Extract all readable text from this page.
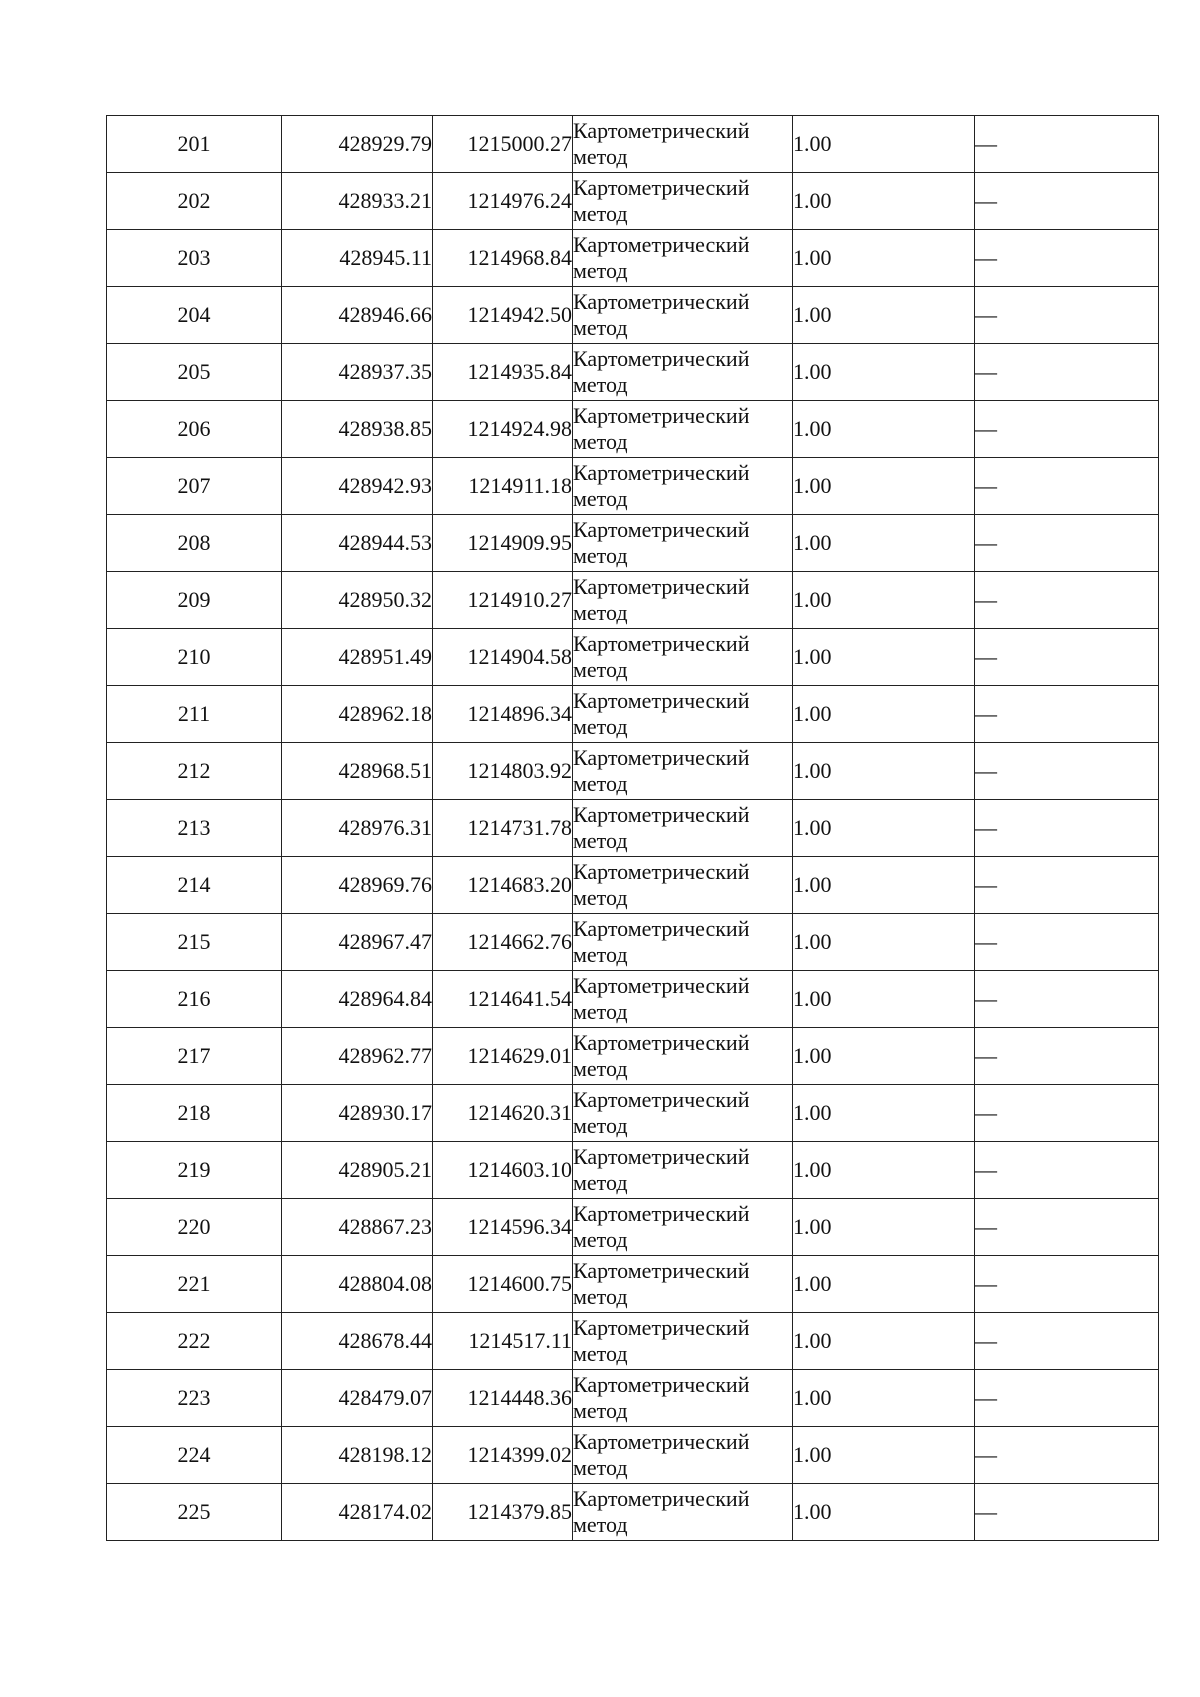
201	428929.79	1215000.27	Картометрический
метод	1.00	—
202	428933.21	1214976.24	Картометрический
метод	1.00	—
203	428945.11	1214968.84	Картометрический
метод	1.00	—
204	428946.66	1214942.50	Картометрический
метод	1.00	—
205	428937.35	1214935.84	Картометрический
метод	1.00	—
206	428938.85	1214924.98	Картометрический
метод	1.00	—
207	428942.93	1214911.18	Картометрический
метод	1.00	—
208	428944.53	1214909.95	Картометрический
метод	1.00	—
209	428950.32	1214910.27	Картометрический
метод	1.00	—
210	428951.49	1214904.58	Картометрический
метод	1.00	—
211	428962.18	1214896.34	Картометрический
метод	1.00	—
212	428968.51	1214803.92	Картометрический
метод	1.00	—
213	428976.31	1214731.78	Картометрический
метод	1.00	—
214	428969.76	1214683.20	Картометрический
метод	1.00	—
215	428967.47	1214662.76	Картометрический
метод	1.00	—
216	428964.84	1214641.54	Картометрический
метод	1.00	—
217	428962.77	1214629.01	Картометрический
метод	1.00	—
218	428930.17	1214620.31	Картометрический
метод	1.00	—
219	428905.21	1214603.10	Картометрический
метод	1.00	—
220	428867.23	1214596.34	Картометрический
метод	1.00	—
221	428804.08	1214600.75	Картометрический
метод	1.00	—
222	428678.44	1214517.11	Картометрический
метод	1.00	—
223	428479.07	1214448.36	Картометрический
метод	1.00	—
224	428198.12	1214399.02	Картометрический
метод	1.00	—
225	428174.02	1214379.85	Картометрический
метод	1.00	—
